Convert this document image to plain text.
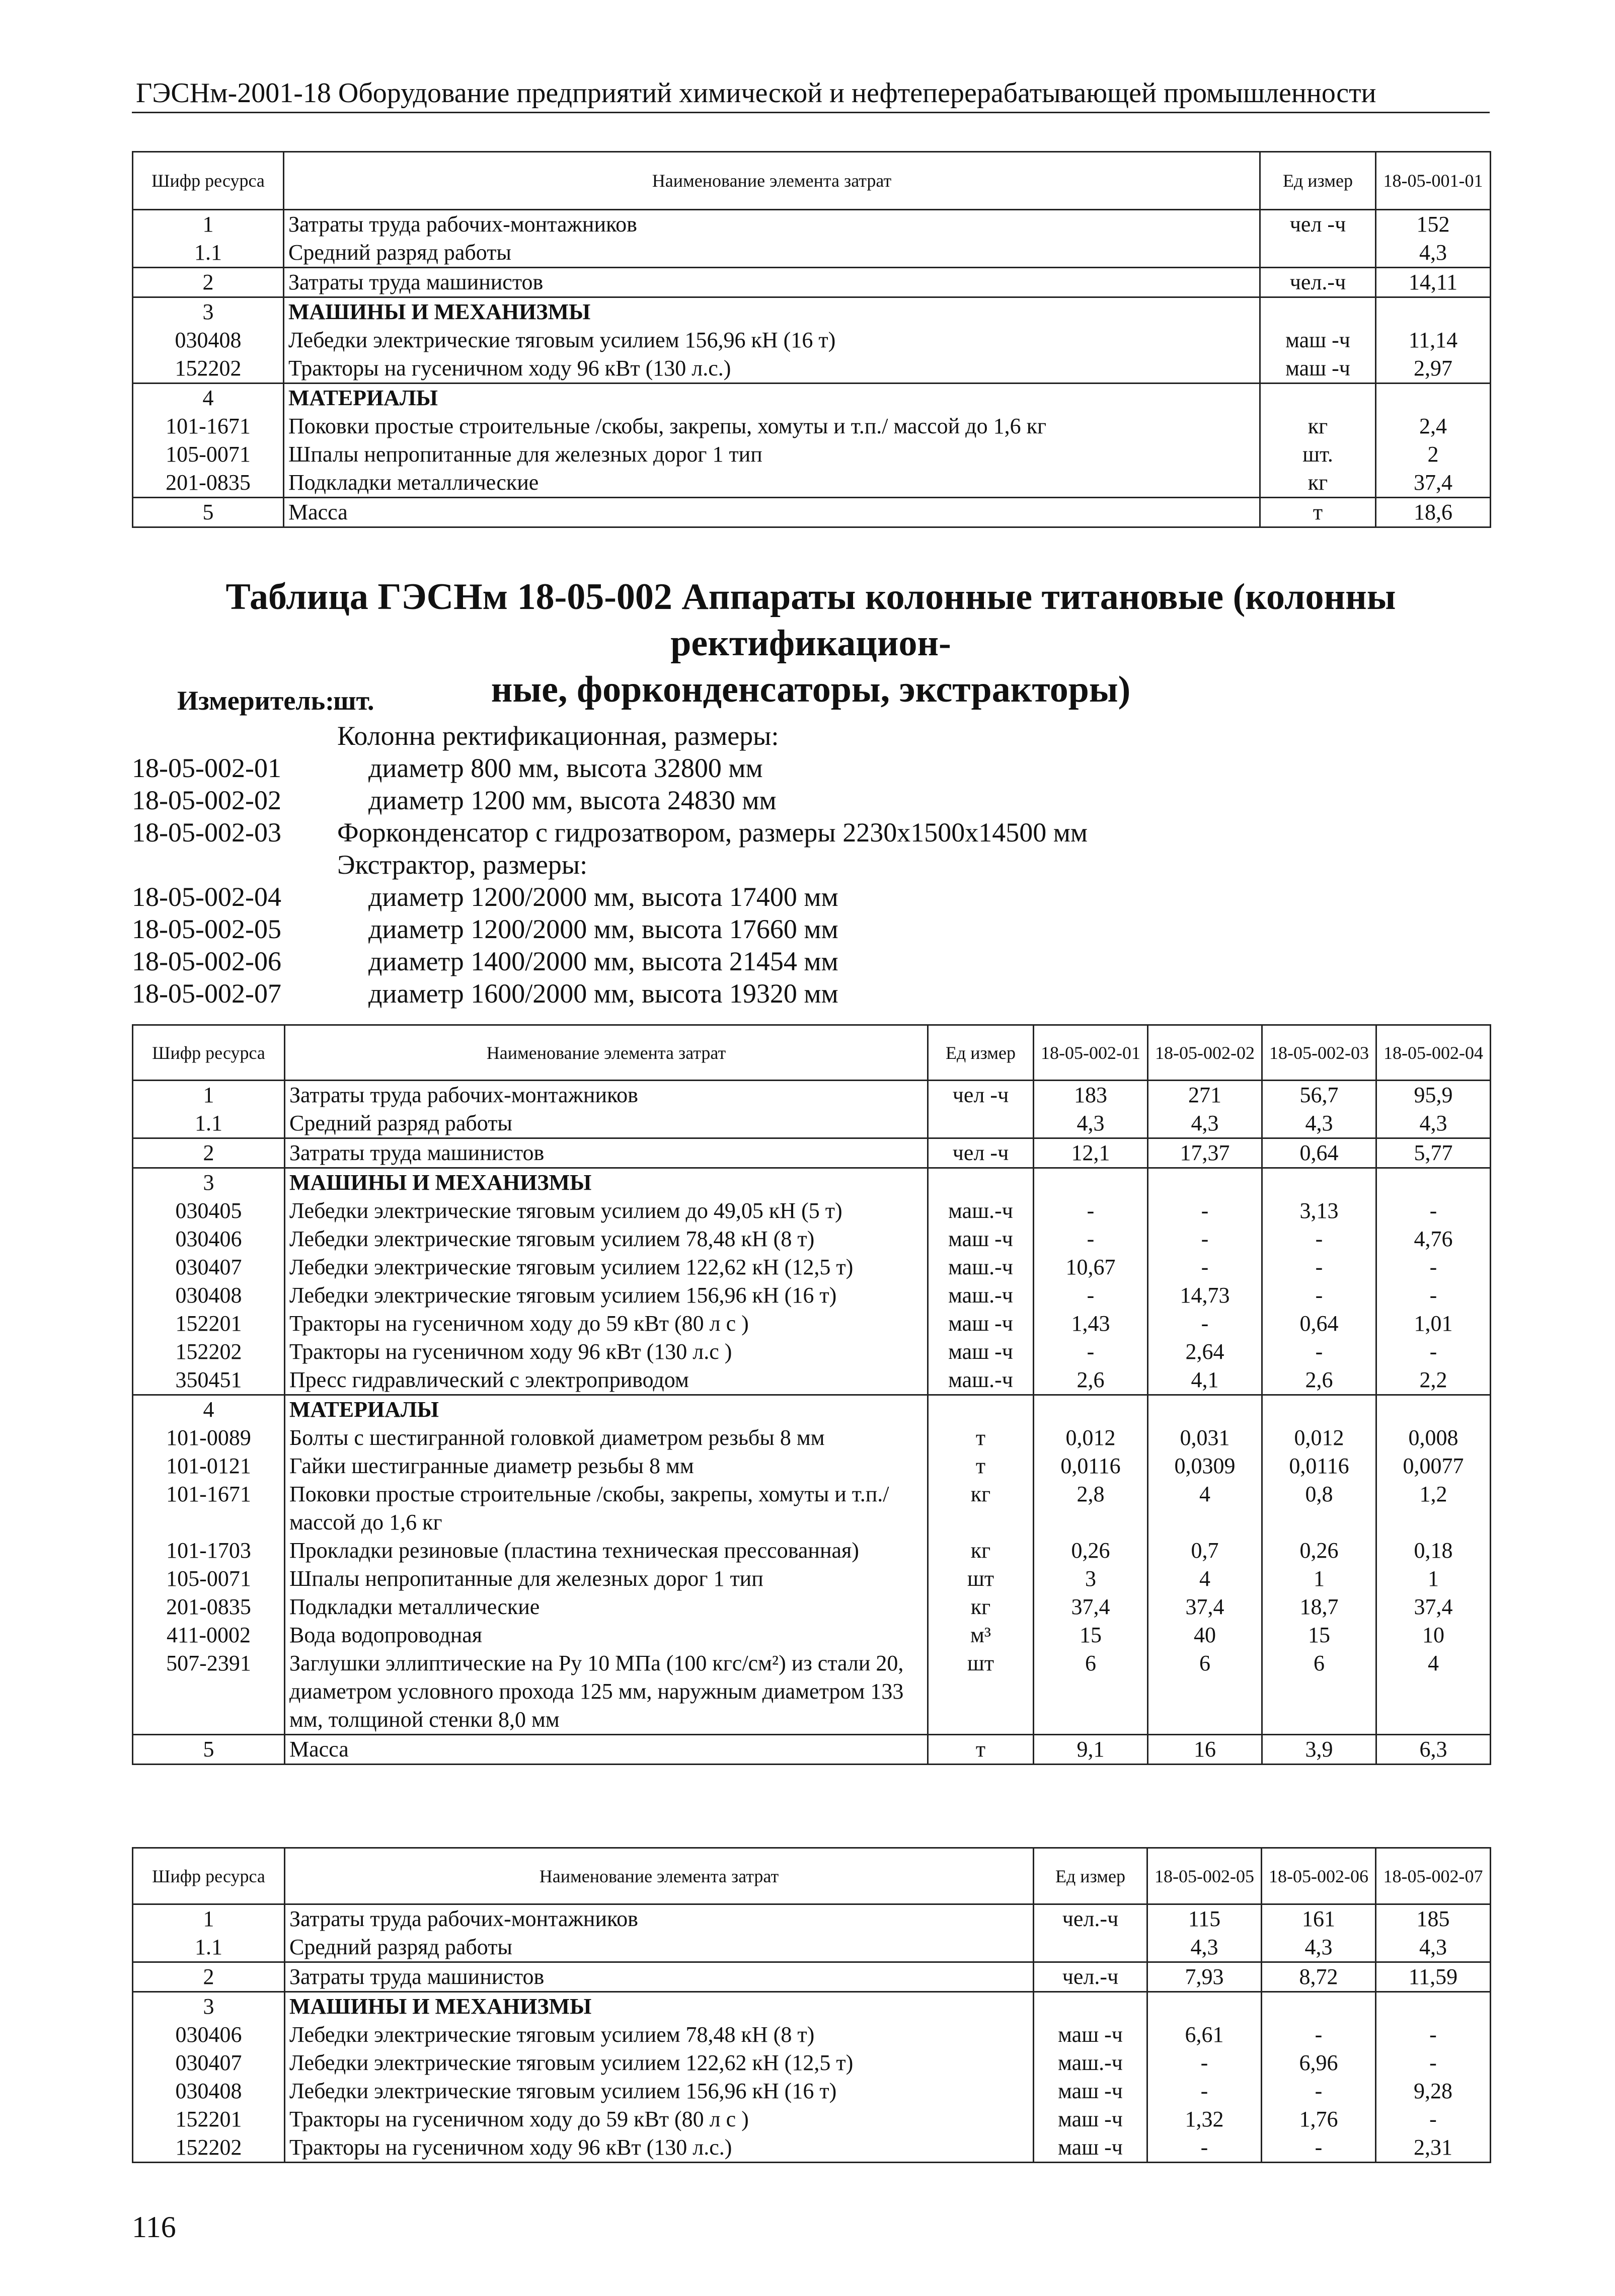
ГЭСНм-2001-18 Оборудование предприятий химической и нефтеперерабатывающей промышленности
Шифр ресурса	Наименование элемента затрат	Ед измер	18-05-001-01
1	Затраты труда рабочих-монтажников	чел -ч	152
1.1	Средний разряд работы		4,3
2	Затраты труда машинистов	чел.-ч	14,11
3	МАШИНЫ И МЕХАНИЗМЫ		
030408	Лебедки электрические тяговым усилием 156,96 кН (16 т)	маш -ч	11,14
152202	Тракторы на гусеничном ходу 96 кВт (130 л.с.)	маш -ч	2,97
4	МАТЕРИАЛЫ		
101-1671	Поковки простые строительные /скобы, закрепы, хомуты и т.п./ массой до 1,6 кг	кг	2,4
105-0071	Шпалы непропитанные для железных дорог 1 тип	шт.	2
201-0835	Подкладки металлические	кг	37,4
5	Масса	т	18,6
Таблица ГЭСНм 18-05-002 Аппараты колонные титановые (колонны ректификацион-
ные, форконденсаторы, экстракторы)
Измеритель:
шт.
Колонна ректификационная, размеры:
18-05-002-01	диаметр 800 мм, высота 32800 мм
18-05-002-02	диаметр 1200 мм, высота 24830 мм
18-05-002-03 Форконденсатор с гидрозатвором, размеры 2230х1500х14500 мм
Экстрактор, размеры:
18-05-002-04	диаметр 1200/2000 мм, высота 17400 мм
18-05-002-05	диаметр 1200/2000 мм, высота 17660 мм
18-05-002-06	диаметр 1400/2000 мм, высота 21454 мм
18-05-002-07	диаметр 1600/2000 мм, высота 19320 мм
Шифр ресурса	Наименование элемента затрат	Ед измер	18-05-002-01	18-05-002-02	18-05-002-03	18-05-002-04
1	Затраты труда рабочих-монтажников	чел -ч	183	271	56,7	95,9
1.1	Средний разряд работы		4,3	4,3	4,3	4,3
2	Затраты труда машинистов	чел -ч	12,1	17,37	0,64	5,77
3	МАШИНЫ И МЕХАНИЗМЫ					
030405	Лебедки электрические тяговым усилием до 49,05 кН (5 т)	маш.-ч	-	-	3,13	-
030406	Лебедки электрические тяговым усилием 78,48 кН (8 т)	маш -ч	-	-	-	4,76
030407	Лебедки электрические тяговым усилием 122,62 кН (12,5 т)	маш.-ч	10,67	-	-	-
030408	Лебедки электрические тяговым усилием 156,96 кН (16 т)	маш.-ч	-	14,73	-	-
152201	Тракторы на гусеничном ходу до 59 кВт (80 л с )	маш -ч	1,43	-	0,64	1,01
152202	Тракторы на гусеничном ходу 96 кВт (130 л.с )	маш -ч	-	2,64	-	-
350451	Пресс гидравлический с электроприводом	маш.-ч	2,6	4,1	2,6	2,2
4	МАТЕРИАЛЫ					
101-0089	Болты с шестигранной головкой диаметром резьбы 8 мм	т	0,012	0,031	0,012	0,008
101-0121	Гайки шестигранные диаметр резьбы 8 мм	т	0,0116	0,0309	0,0116	0,0077
101-1671	Поковки простые строительные /скобы, закрепы, хомуты и т.п./ массой до 1,6 кг	кг	2,8	4	0,8	1,2
101-1703	Прокладки резиновые (пластина техническая прессованная)	кг	0,26	0,7	0,26	0,18
105-0071	Шпалы непропитанные для железных дорог 1 тип	шт	3	4	1	1
201-0835	Подкладки металлические	кг	37,4	37,4	18,7	37,4
411-0002	Вода водопроводная	м³	15	40	15	10
507-2391	Заглушки эллиптические на Ру 10 МПа (100 кгс/см²) из стали 20, диаметром условного прохода 125 мм, наружным диаметром 133 мм, толщиной стенки 8,0 мм	шт	6	6	6	4
5	Масса	т	9,1	16	3,9	6,3
Шифр ресурса	Наименование элемента затрат	Ед измер	18-05-002-05	18-05-002-06	18-05-002-07
1	Затраты труда рабочих-монтажников	чел.-ч	115	161	185
1.1	Средний разряд работы		4,3	4,3	4,3
2	Затраты труда машинистов	чел.-ч	7,93	8,72	11,59
3	МАШИНЫ И МЕХАНИЗМЫ				
030406	Лебедки электрические тяговым усилием 78,48 кН (8 т)	маш -ч	6,61	-	-
030407	Лебедки электрические тяговым усилием 122,62 кН (12,5 т)	маш.-ч	-	6,96	-
030408	Лебедки электрические тяговым усилием 156,96 кН (16 т)	маш -ч	-	-	9,28
152201	Тракторы на гусеничном ходу до 59 кВт (80 л с )	маш -ч	1,32	1,76	-
152202	Тракторы на гусеничном ходу 96 кВт (130 л.с.)	маш -ч	-	-	2,31
116
